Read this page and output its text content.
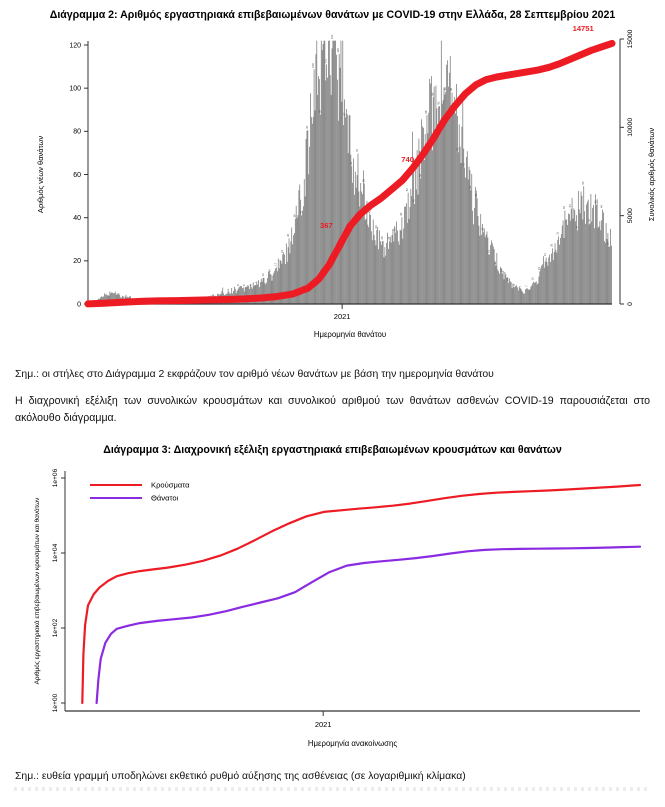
Διάγραμμα 2: Αριθμός εργαστηριακά επιβεβαιωμένων θανάτων με COVID-19 στην Ελλάδα, 28 Σεπτεμβρίου 2021
8	8	8
9
12
14
17
23
30
39
41
81
109
88
111
122
116
87
64
70
56
41
34
29	29
33
40
52
46
58
88
96
92
98	98
70
63
53
49
33
23
18
14
10
8
7	7
10
15
21
26
31
43
44
34
55
37
46
44
27
0
20
40
60
80
100
120
Αριθμός νέων θανάτων
2021
Ημερομηνία θανάτου
0
5000
10000
15000
Συνολικός αριθμός θανάτων
367
740
14751

Σημ.: οι στήλες στο Διάγραμμα 2 εκφράζουν τον αριθμό νέων θανάτων με βάση την ημερομηνία θανάτου

Η διαχρονική εξέλιξη των συνολικών κρουσμάτων και συνολικού αριθμού των θανάτων ασθενών COVID-19 παρουσιάζεται στο ακόλουθο διάγραμμα.

Διάγραμμα 3: Διαχρονική εξέλιξη εργαστηριακά επιβεβαιωμένων κρουσμάτων και θανάτων
1e+00
1e+02
1e+04
1e+06
Αριθμός εργαστηριακά επιβεβαιωμένων κρουσμάτων και θανάτων
2021
Ημερομηνία ανακοίνωσης
Κρούσματα
Θάνατοι

Σημ.: ευθεία γραμμή υποδηλώνει εκθετικό ρυθμό αύξησης της ασθένειας (σε λογαριθμική κλίμακα)
